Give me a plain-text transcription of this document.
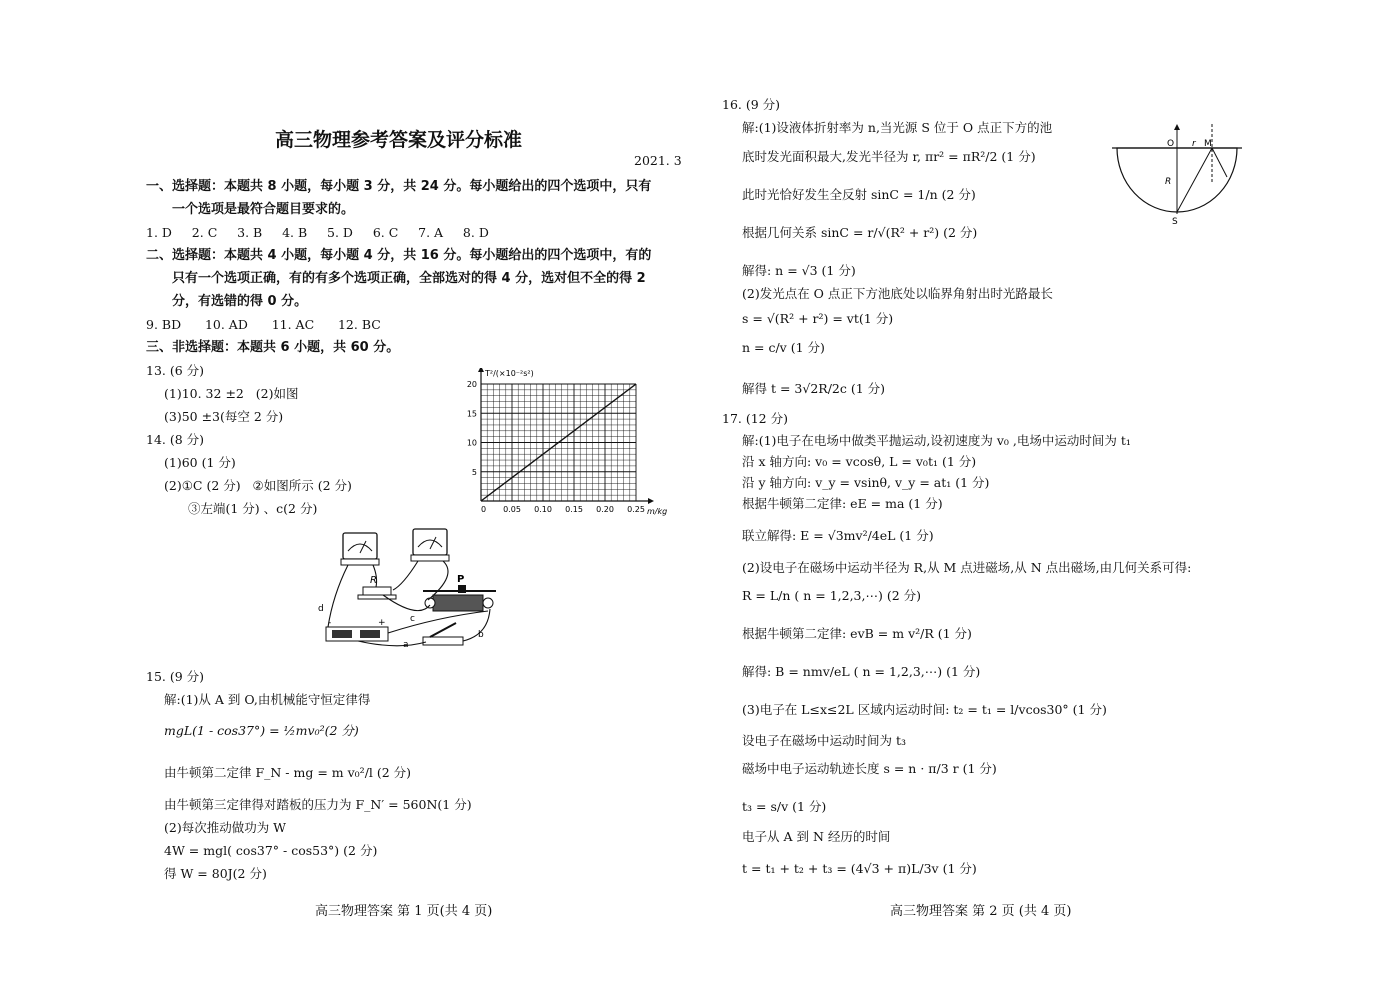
高三物理参考答案及评分标准
2021. 3
一、选择题：本题共 8 小题，每小题 3 分，共 24 分。每小题给出的四个选项中，只有
一个选项是最符合题目要求的。
1. D     2. C     3. B     4. B     5. D     6. C     7. A     8. D
二、选择题：本题共 4 小题，每小题 4 分，共 16 分。每小题给出的四个选项中，有的
只有一个选项正确，有的有多个选项正确，全部选对的得 4 分，选对但不全的得 2
分，有选错的得 0 分。
9. BD      10. AD      11. AC      12. BC
三、非选择题：本题共 6 小题，共 60 分。
13. (6 分)
(1)10. 32 ±2   (2)如图
(3)50 ±3(每空 2 分)
14. (8 分)
(1)60 (1 分)
(2)①C (2 分)   ②如图所示 (2 分)
③左端(1 分) 、c(2 分)	0 0.05 0.10 0.15 0.20 0.25
5
10
15
20
T²/(×10⁻²s²)
m/kg
R	P
d
c
a
b
-	+
15. (9 分)
解:(1)从 A 到 O,由机械能守恒定律得
mgL(1 - cos37°) = ½mv₀²(2 分)
由牛顿第二定律 F_N - mg = m v₀²/l (2 分)
由牛顿第三定律得对踏板的压力为 F_N′ = 560N(1 分)
(2)每次推动做功为 W
4W = mgl( cos37° - cos53°) (2 分)
得 W = 80J(2 分)
高三物理答案 第 1 页(共 4 页)
16. (9 分)
解:(1)设液体折射率为 n,当光源 S 位于 O 点正下方的池
底时发光面积最大,发光半径为 r, πr² = πR²/2 (1 分)
此时光恰好发生全反射 sinC = 1/n (2 分)
根据几何关系 sinC = r/√(R² + r²) (2 分)
解得: n = √3 (1 分)
(2)发光点在 O 点正下方池底处以临界角射出时光路最长
s = √(R² + r²) = vt(1 分)
n = c/v (1 分)
解得 t = 3√2R/2c (1 分)
O r M
R
S
17. (12 分)
解:(1)电子在电场中做类平抛运动,设初速度为 v₀ ,电场中运动时间为 t₁
沿 x 轴方向: v₀ = vcosθ, L = v₀t₁ (1 分)
沿 y 轴方向: v_y = vsinθ, v_y = at₁ (1 分)
根据牛顿第二定律: eE = ma (1 分)
联立解得: E = √3mv²/4eL (1 分)
(2)设电子在磁场中运动半径为 R,从 M 点进磁场,从 N 点出磁场,由几何关系可得:
R = L/n ( n = 1,2,3,⋯) (2 分)
根据牛顿第二定律: evB = m v²/R (1 分)
解得: B = nmv/eL ( n = 1,2,3,⋯) (1 分)
(3)电子在 L≤x≤2L 区域内运动时间: t₂ = t₁ = l/vcos30° (1 分)
设电子在磁场中运动时间为 t₃
磁场中电子运动轨迹长度 s = n · π/3 r (1 分)
t₃ = s/v (1 分)
电子从 A 到 N 经历的时间
t = t₁ + t₂ + t₃ = (4√3 + π)L/3v (1 分)
高三物理答案 第 2 页 (共 4 页)
